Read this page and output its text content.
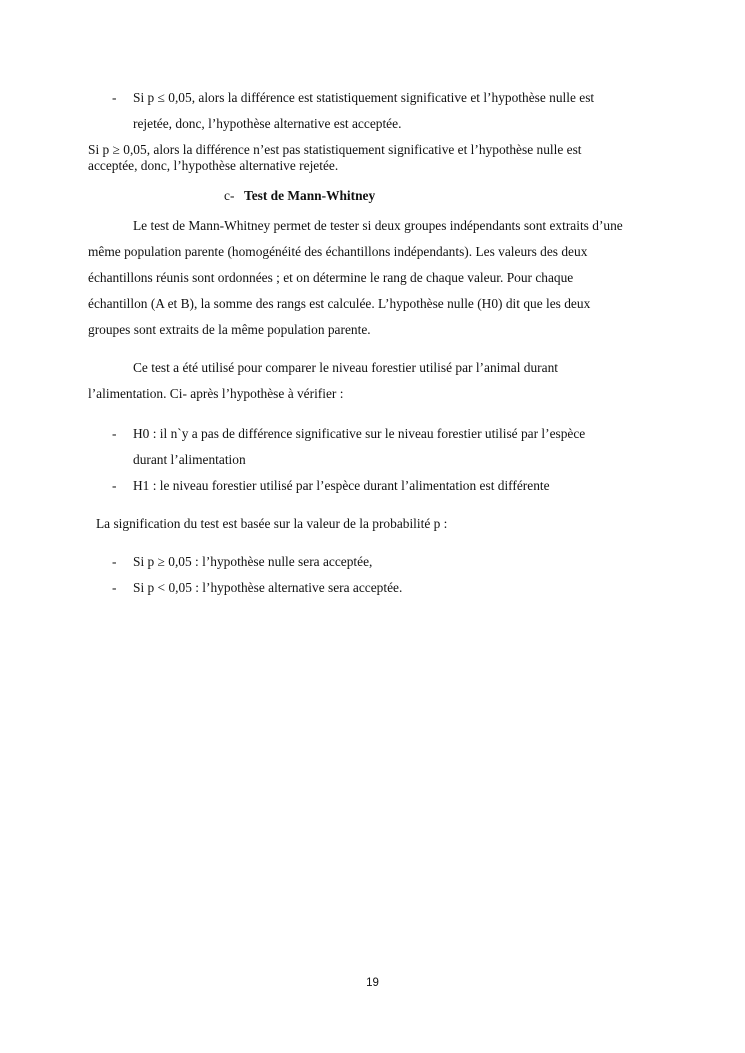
- Si p ≤ 0,05, alors la différence est statistiquement significative et l’hypothèse nulle est
rejetée, donc, l’hypothèse alternative est acceptée.
Si p ≥ 0,05, alors la différence n’est pas statistiquement significative et l’hypothèse nulle est
acceptée, donc, l’hypothèse alternative rejetée.
c- Test de Mann-Whitney
Le test de Mann-Whitney permet de tester si deux groupes indépendants sont extraits d’une
même population parente (homogénéité des échantillons indépendants). Les valeurs des deux
échantillons réunis sont ordonnées ; et on détermine le rang de chaque valeur. Pour chaque
échantillon (A et B), la somme des rangs est calculée. L’hypothèse nulle (H0) dit que les deux
groupes sont extraits de la même population parente.
Ce test a été utilisé pour comparer le niveau forestier utilisé par l’animal durant
l’alimentation. Ci- après l’hypothèse à vérifier :
- H0 : il n`y a pas de différence significative sur le niveau forestier utilisé par l’espèce
durant l’alimentation
- H1 : le niveau forestier utilisé par l’espèce durant l’alimentation est différente
La signification du test est basée sur la valeur de la probabilité p :
- Si p ≥ 0,05 : l’hypothèse nulle sera acceptée,
- Si p < 0,05 : l’hypothèse alternative sera acceptée.
19
